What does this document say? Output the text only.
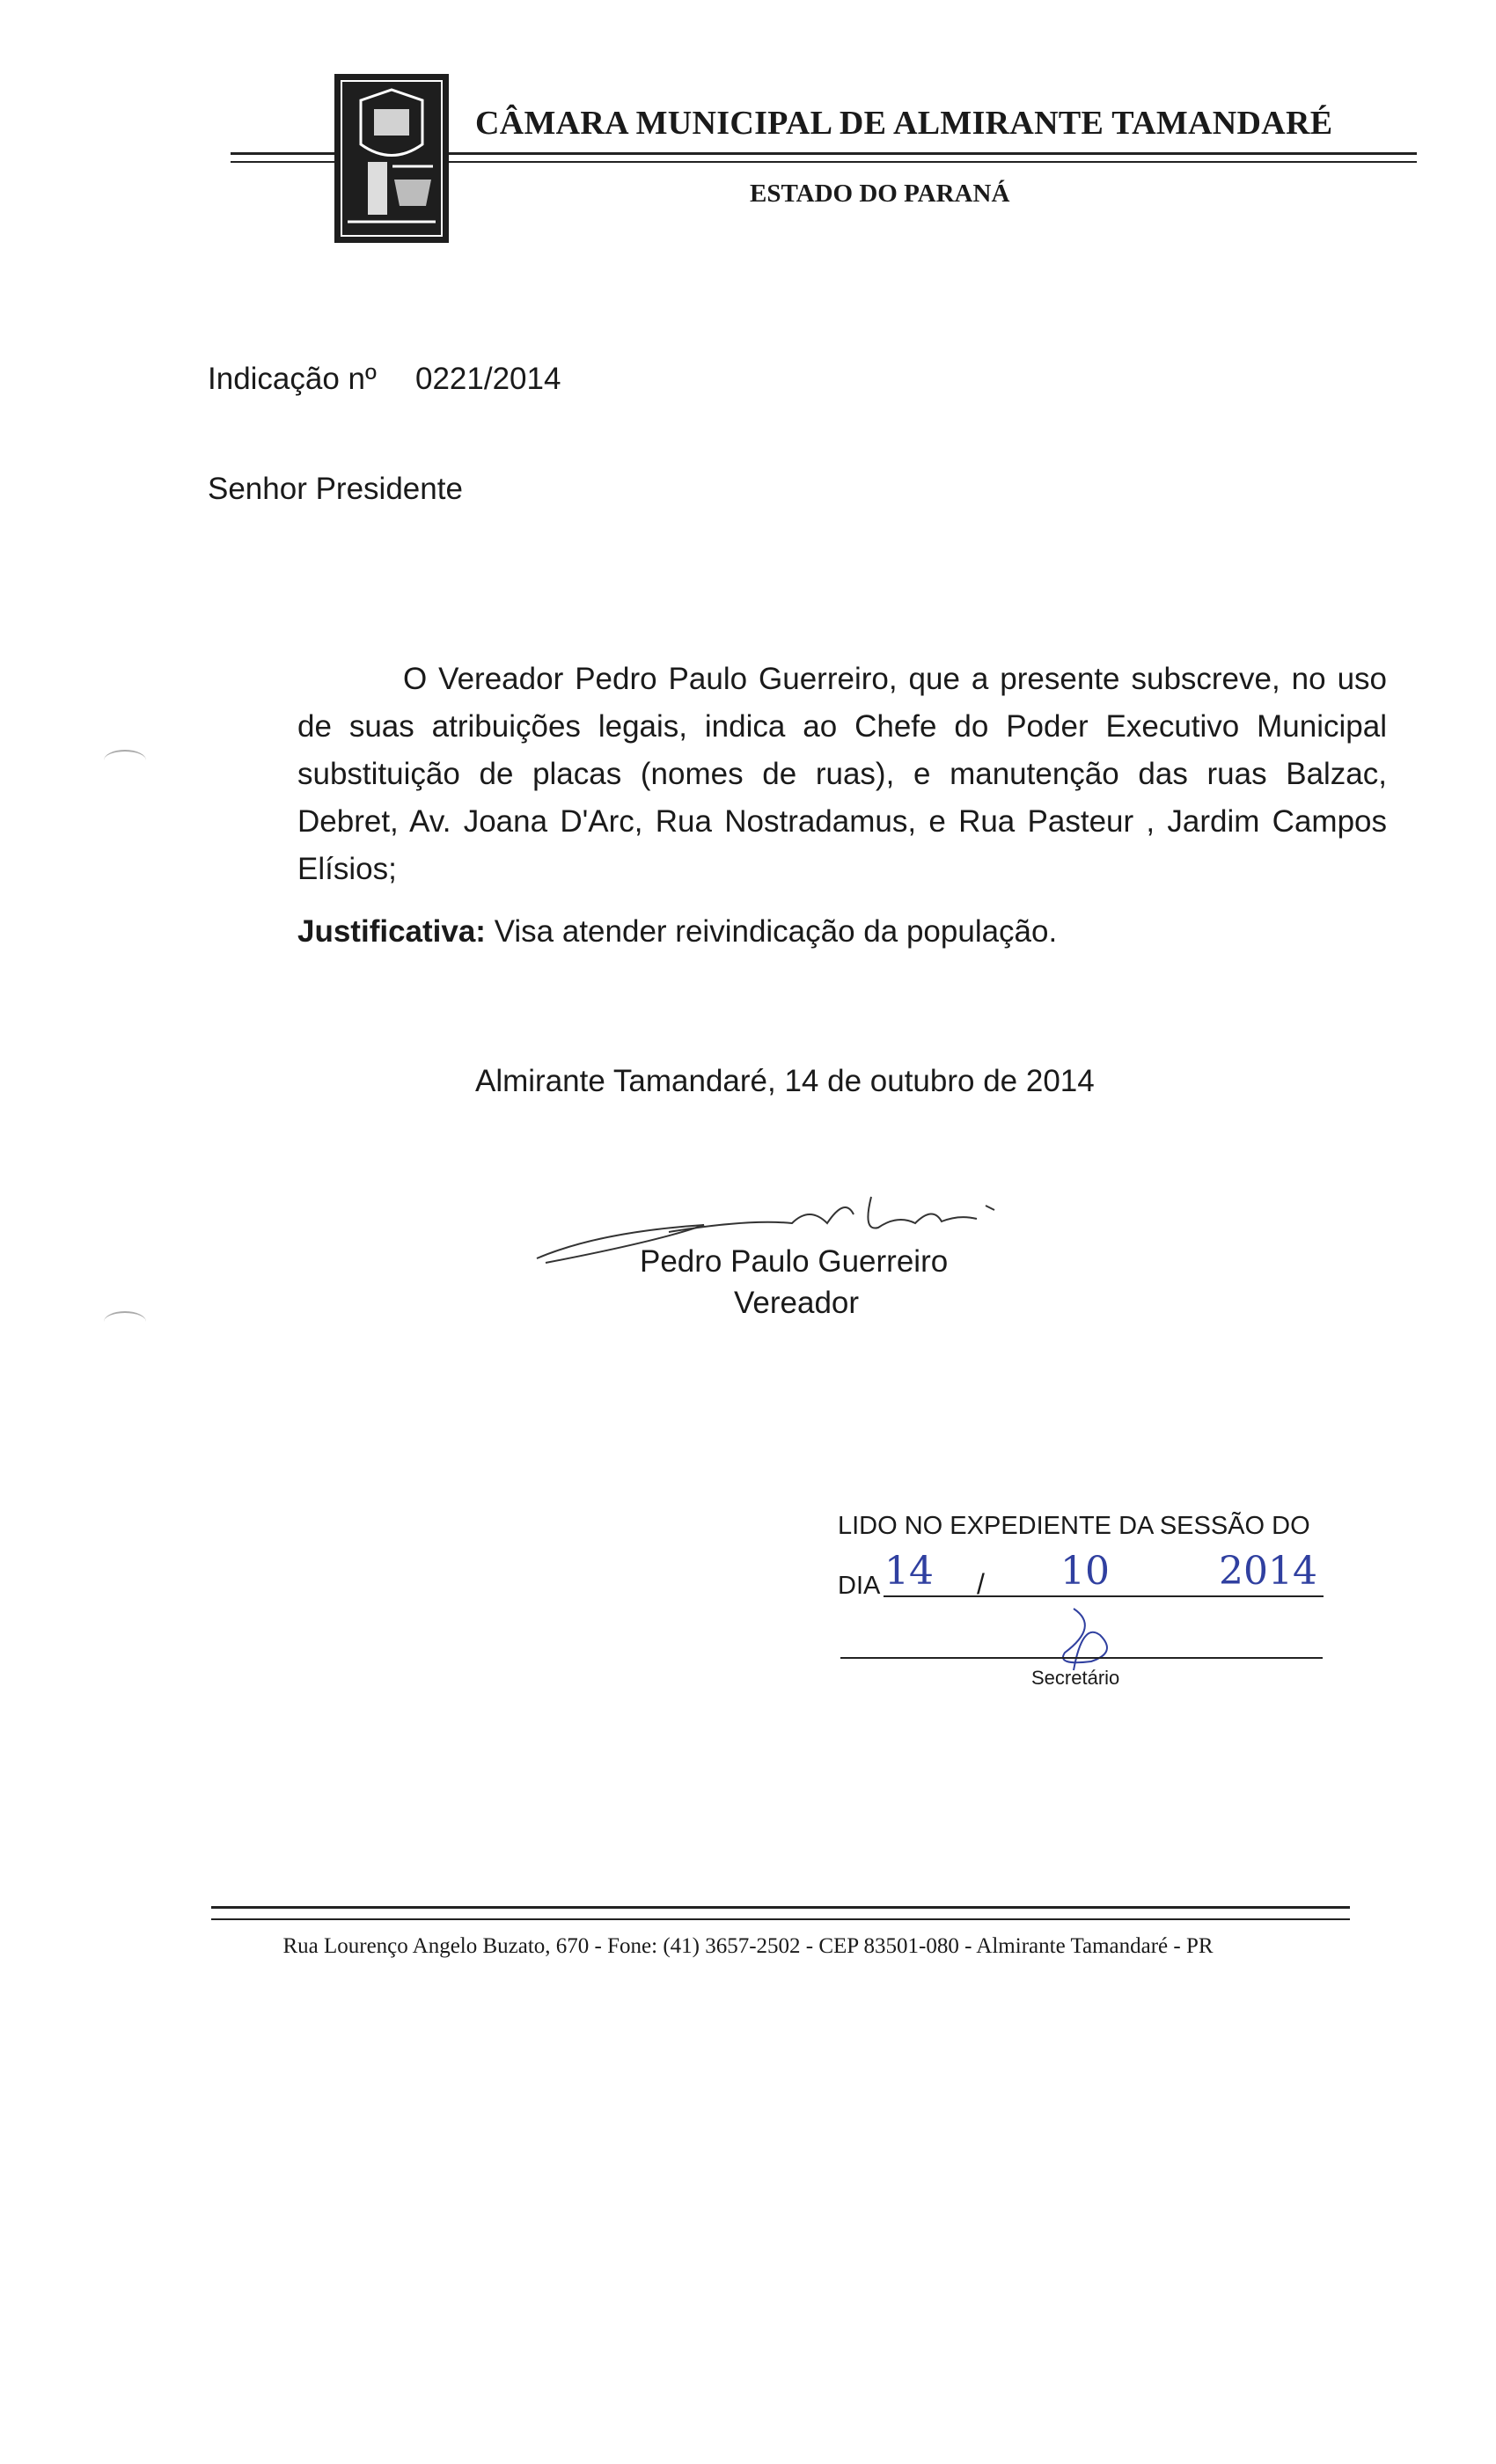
CÂMARA MUNICIPAL DE ALMIRANTE TAMANDARÉ
ESTADO DO PARANÁ
Indicação nº 0221/2014
Senhor Presidente
O Vereador Pedro Paulo Guerreiro, que a presente subscreve, no uso de suas atribuições legais, indica ao Chefe do Poder Executivo Municipal substituição de placas (nomes de ruas), e manutenção das ruas Balzac, Debret, Av. Joana D'Arc, Rua Nostradamus, e Rua Pasteur , Jardim Campos Elísios;
Justificativa: Visa atender reivindicação da população.
Almirante Tamandaré, 14 de outubro de 2014
Pedro Paulo Guerreiro
Vereador
LIDO NO EXPEDIENTE DA SESSÃO DO
DIA 14 / 10	2014
Secretário
Rua Lourenço Angelo Buzato, 670 - Fone: (41) 3657-2502 - CEP 83501-080 - Almirante Tamandaré - PR
